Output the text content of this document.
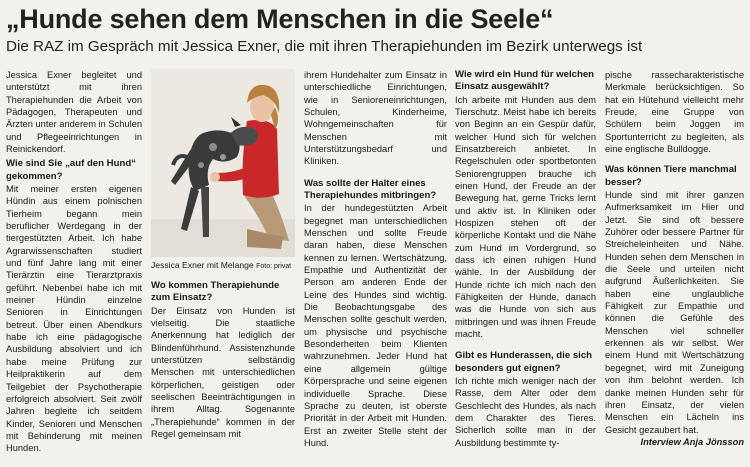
„Hunde sehen dem Menschen in die Seele“
Die RAZ im Gespräch mit Jessica Exner, die mit ihren Therapiehunden im Bezirk unterwegs ist

Jessica Exner begleitet und unterstützt mit ihren Therapiehunden die Arbeit von Pädagogen, Therapeuten und Ärzten unter anderem in Schulen und Pflegeeinrichtungen in Reinickendorf.

Wie sind Sie „auf den Hund“ gekommen?

Mit meiner ersten eigenen Hündin aus einem polnischen Tierheim begann mein beruflicher Werdegang in der tiergestützten Arbeit. Ich habe Agrarwissenschaften studiert und fünf Jahre lang mit einer Tierärztin eine Tierarztpraxis geführt. Nebenbei habe ich mit meiner Hündin einzelne Senioren in Einrichtungen betreut. Über einen Abendkurs habe ich eine pädagogische Ausbildung absolviert und ich habe meine Prüfung zur Heilpraktikerin auf dem Teilgebiet der Psychotherapie erfolgreich absolviert. Seit zwölf Jahren begleite ich seitdem Kinder, Senioren und Menschen mit Behinderung mit meinen Hunden.

Jessica Exner mit Melange Foto: privat
Wo kommen Therapiehunde zum Einsatz?

Der Einsatz von Hunden ist vielseitig. Die staatliche Anerkennung hat lediglich der Blindenführhund. Assistenzhunde unterstützen selbständig Menschen mit unterschiedlichen körperlichen, geistigen oder seelischen Beeinträchtigungen in ihrem Alltag. Sogenannte „Therapiehunde“ kommen in der Regel gemeinsam mit

ihrem Hundehalter zum Einsatz in unterschiedliche Einrichtungen, wie in Senioreneinrichtungen, Schulen, Kinderheime, Wohngemeinschaften für Menschen mit Unterstützungsbedarf und Kliniken.

Was sollte der Halter eines Therapiehundes mitbringen?

In der hundegestützten Arbeit begegnet man unterschiedlichen Menschen und sollte Freude daran haben, diese Menschen kennen zu lernen. Wertschätzung, Empathie und Authentizität der Person am anderen Ende der Leine des Hundes sind wichtig. Die Beobachtungsgabe des Menschen sollte geschult werden, um physische und psychische Besonderheiten beim Klienten wahrzunehmen. Jeder Hund hat eine allgemein gültige Körpersprache und seine eigenen individuelle Sprache. Diese Sprache zu deuten, ist oberste Priorität in der Arbeit mit Hunden. Erst an zweiter Stelle steht der Hund.

Wie wird ein Hund für welchen Einsatz ausgewählt?

Ich arbeite mit Hunden aus dem Tierschutz. Meist habe ich bereits von Beginn an ein Gespür dafür, welcher Hund sich für welchen Einsatzbereich anbietet. In Regelschulen oder sportbetonten Seniorengruppen brauche ich einen Hund, der Freude an der Bewegung hat, gerne Tricks lernt und aktiv ist. In Kliniken oder Hospizen stehen oft der körperliche Kontakt und die Nähe zum Hund im Vordergrund, so dass ich einen ruhigen Hund wähle. In der Ausbildung der Hunde richte ich mich nach den Fähigkeiten der Hunde, danach was die Hunde von sich aus mitbringen und was ihnen Freude macht.

Gibt es Hunderassen, die sich besonders gut eignen?

Ich richte mich weniger nach der Rasse, dem Alter oder dem Geschlecht des Hundes, als nach dem Charakter des Tieres. Sicherlich sollte man in der Ausbildung bestimmte ty-

pische rassecharakteristische Merkmale berücksichtigen. So hat ein Hütehund vielleicht mehr Freude, eine Gruppe von Schülern beim Joggen im Sportunterricht zu begleiten, als eine englische Bulldogge.

Was können Tiere manchmal besser?

Hunde sind mit ihrer ganzen Aufmerksamkeit im Hier und Jetzt. Sie sind oft bessere Zuhörer oder bessere Partner für Streicheleinheiten und Nähe. Hunden sehen dem Menschen in die Seele und urteilen nicht aufgrund Äußerlichkeiten. Sie haben eine unglaubliche Fähigkeit zur Empathie und können die Gefühle des Menschen viel schneller erkennen als wir selbst. Wer einem Hund mit Wertschätzung begegnet, wird mit Zuneigung von ihm belohnt werden. Ich danke meinen Hunden sehr für ihren Einsatz, der vielen Menschen ein Lächeln ins Gesicht gezaubert hat.

Interview Anja Jönsson
